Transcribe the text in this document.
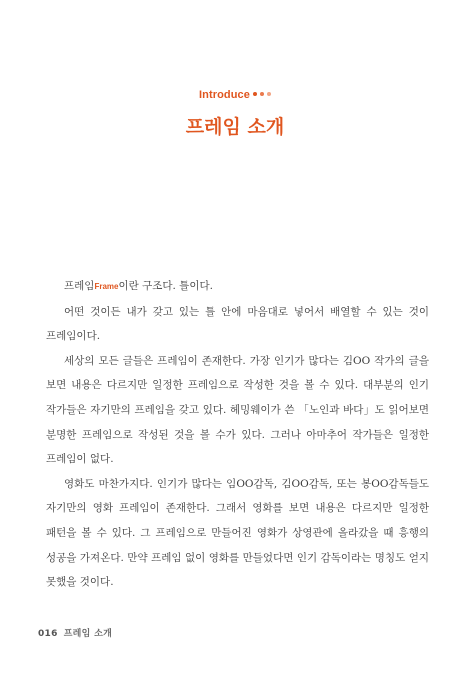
Introduce
프레임 소개

프레임Frame이란 구조다. 틀이다.

어떤 것이든 내가 갖고 있는 틀 안에 마음대로 넣어서 배열할 수 있는 것이 프레임이다.

세상의 모든 글들은 프레임이 존재한다. 가장 인기가 많다는 김OO 작가의 글을 보면 내용은 다르지만 일정한 프레임으로 작성한 것을 볼 수 있다. 대부분의 인기 작가들은 자기만의 프레임을 갖고 있다. 헤밍웨이가 쓴 「노인과 바다」도 읽어보면 분명한 프레임으로 작성된 것을 볼 수가 있다. 그러나 아마추어 작가들은 일정한 프레임이 없다.

영화도 마찬가지다. 인기가 많다는 임OO감독, 김OO감독, 또는 봉OO감독들도 자기만의 영화 프레임이 존재한다. 그래서 영화를 보면 내용은 다르지만 일정한 패턴을 볼 수 있다. 그 프레임으로 만들어진 영화가 상영관에 올라갔을 때 흥행의 성공을 가져온다. 만약 프레임 없이 영화를 만들었다면 인기 감독이라는 명칭도 얻지 못했을 것이다.

016 프레임 소개
